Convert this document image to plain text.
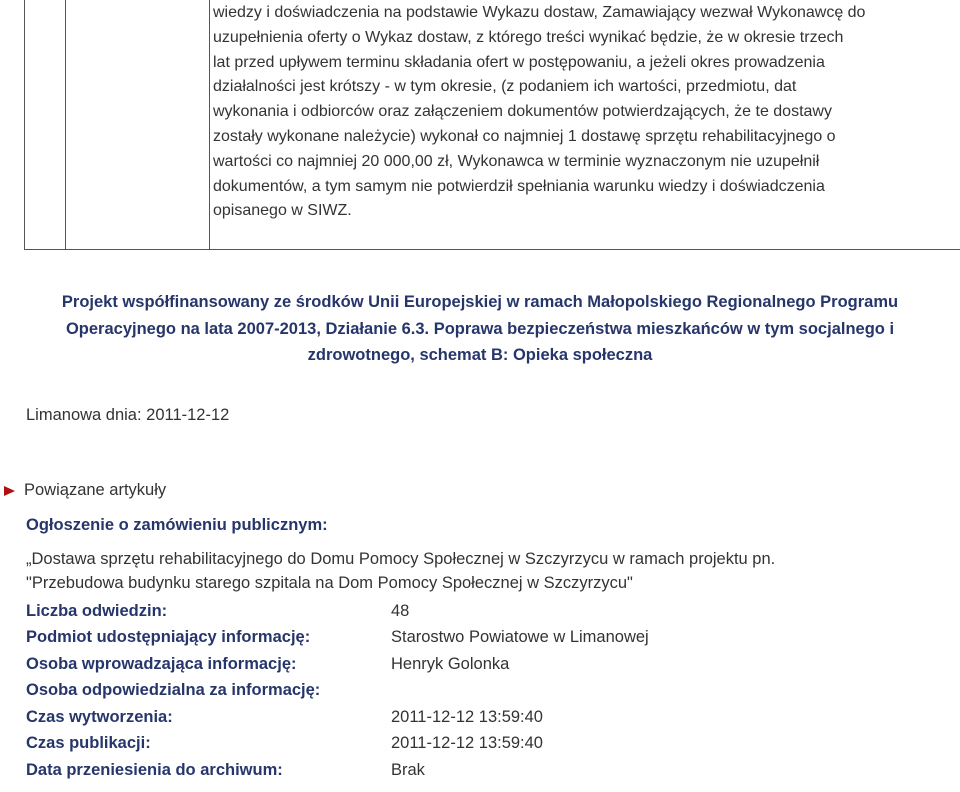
wiedzy i doświadczenia na podstawie Wykazu dostaw, Zamawiający wezwał Wykonawcę do
uzupełnienia oferty o Wykaz dostaw, z którego treści wynikać będzie, że w okresie trzech
lat przed upływem terminu składania ofert w postępowaniu, a jeżeli okres prowadzenia
działalności jest krótszy - w tym okresie, (z podaniem ich wartości, przedmiotu, dat
wykonania i odbiorców oraz załączeniem dokumentów potwierdzających, że te dostawy
zostały wykonane należycie) wykonał co najmniej 1 dostawę sprzętu rehabilitacyjnego o
wartości co najmniej 20 000,00 zł, Wykonawca w terminie wyznaczonym nie uzupełnił
dokumentów, a tym samym nie potwierdził spełniania warunku wiedzy i doświadczenia
opisanego w SIWZ.
Projekt współfinansowany ze środków Unii Europejskiej w ramach Małopolskiego Regionalnego Programu
Operacyjnego na lata 2007-2013, Działanie 6.3. Poprawa bezpieczeństwa mieszkańców w tym socjalnego i
zdrowotnego, schemat B: Opieka społeczna
Limanowa dnia: 2011-12-12
Powiązane artykuły
Ogłoszenie o zamówieniu publicznym:
„Dostawa sprzętu rehabilitacyjnego do Domu Pomocy Społecznej w Szczyrzycu w ramach projektu pn.
"Przebudowa budynku starego szpitala na Dom Pomocy Społecznej w Szczyrzycu"
Liczba odwiedzin:	48
Podmiot udostępniający informację:	Starostwo Powiatowe w Limanowej
Osoba wprowadzająca informację:	Henryk Golonka
Osoba odpowiedzialna za informację:
Czas wytworzenia:	2011-12-12 13:59:40
Czas publikacji:	2011-12-12 13:59:40
Data przeniesienia do archiwum:	Brak
